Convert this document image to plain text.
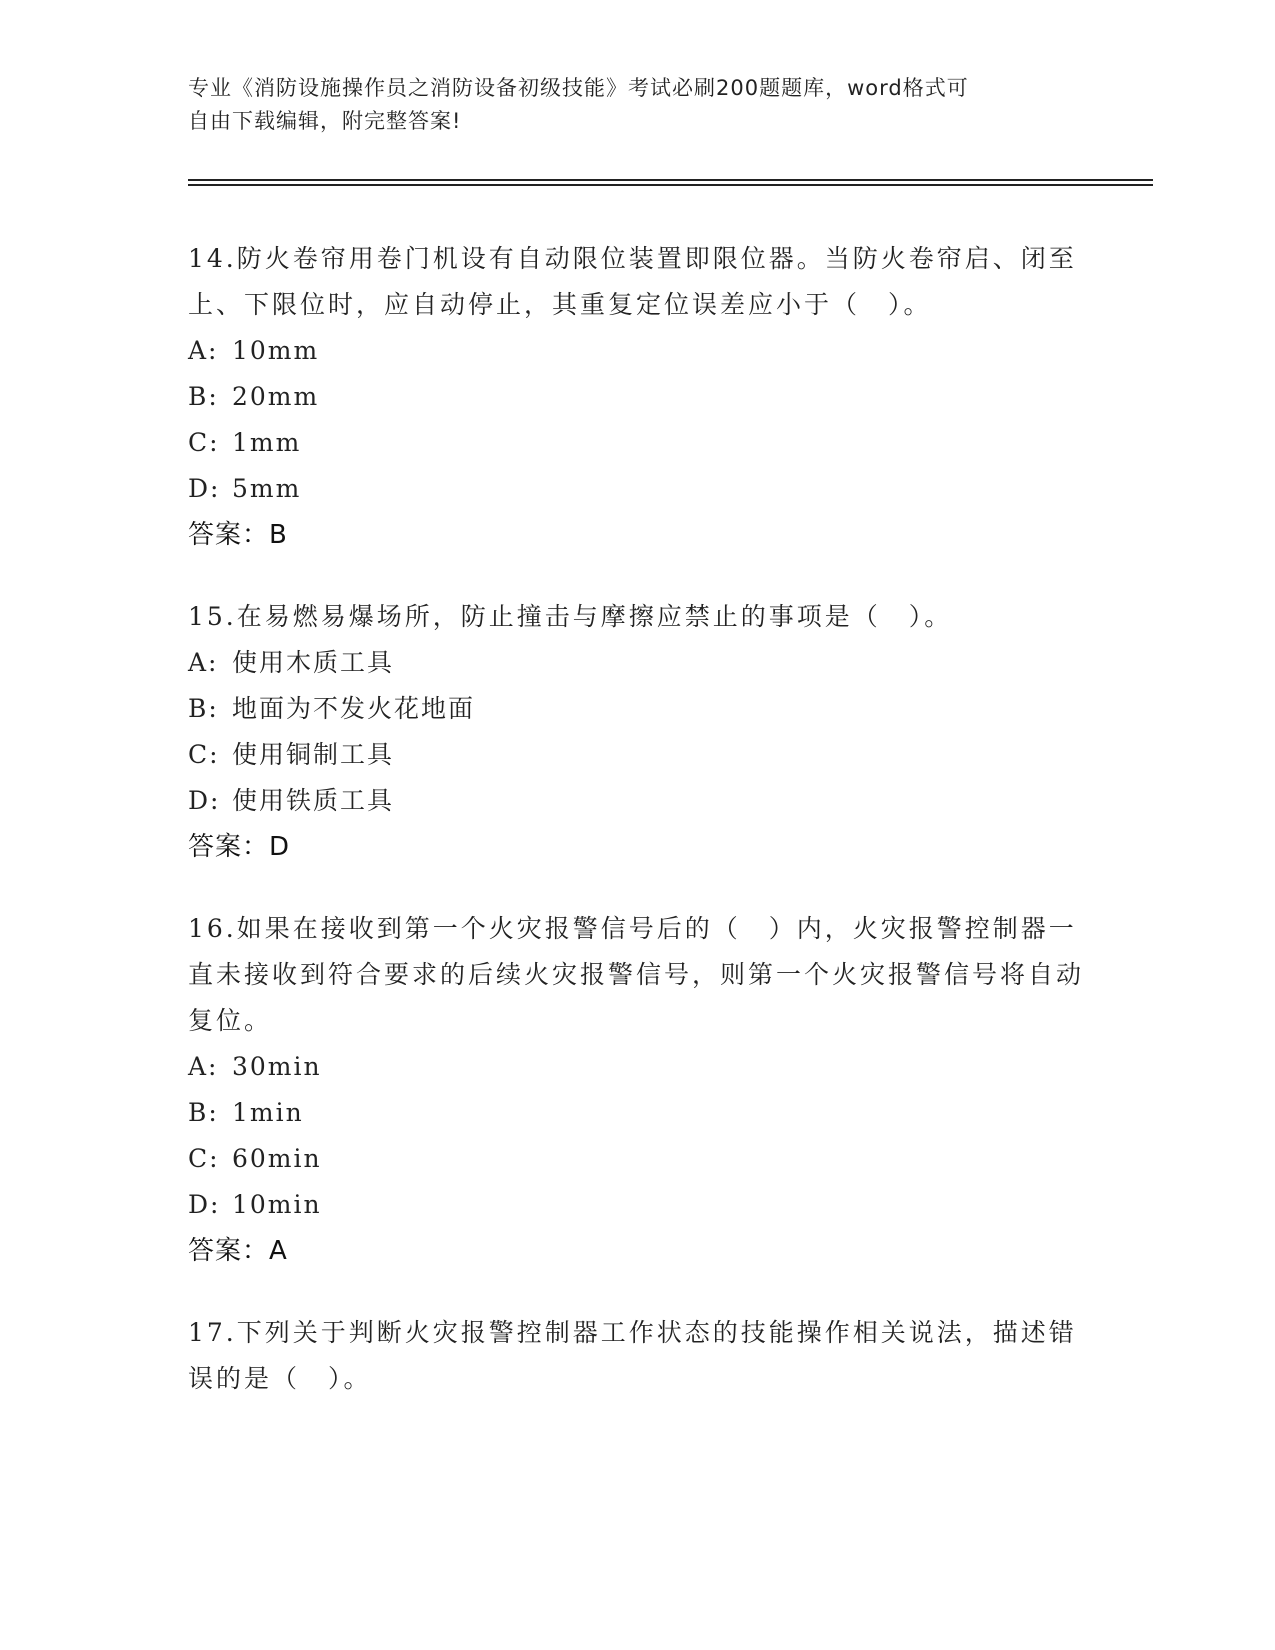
专业《消防设施操作员之消防设备初级技能》考试必刷200题题库，word格式可
自由下载编辑，附完整答案!

14.防火卷帘用卷门机设有自动限位装置即限位器。当防火卷帘启、闭至上、下限位时，应自动停止，其重复定位误差应小于（　）。

A: 10mm
B: 20mm
C: 1mm
D: 5mm
答案：B

15.在易燃易爆场所，防止撞击与摩擦应禁止的事项是（　）。

A: 使用木质工具
B: 地面为不发火花地面
C: 使用铜制工具
D: 使用铁质工具
答案：D

16.如果在接收到第一个火灾报警信号后的（　）内，火灾报警控制器一直未接收到符合要求的后续火灾报警信号，则第一个火灾报警信号将自动复位。

A: 30min
B: 1min
C: 60min
D: 10min
答案：A

17.下列关于判断火灾报警控制器工作状态的技能操作相关说法，描述错误的是（　）。
